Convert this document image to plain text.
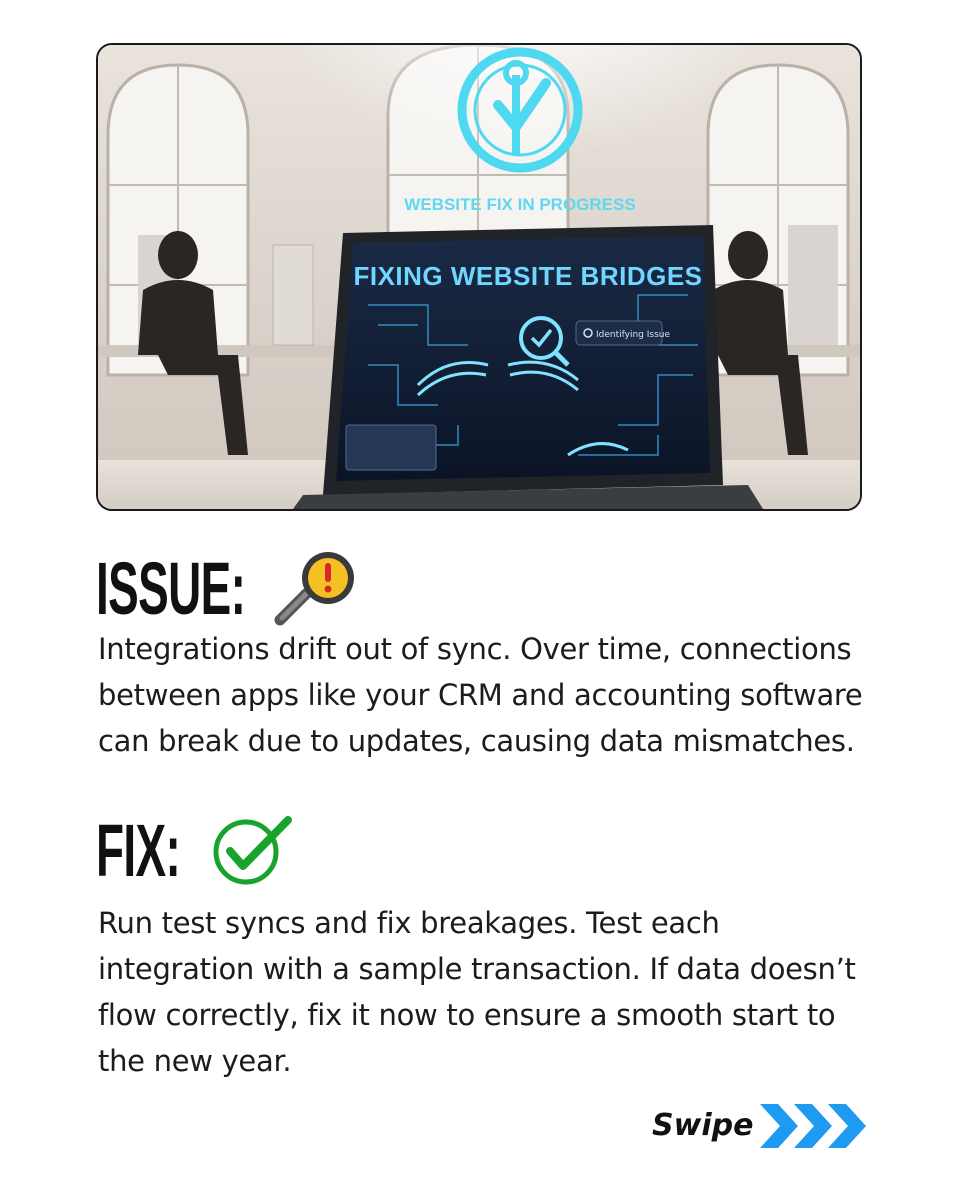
Identifying Issue
FIXING WEBSITE BRIDGES
WEBSITE FIX IN PROGRESS
ISSUE:

Integrations drift out of sync. Over time, connections between apps like your CRM and accounting software can break due to updates, causing data mismatches.

FIX:

Run test syncs and fix breakages. Test each integration with a sample transaction. If data doesn’t flow correctly, fix it now to ensure a smooth start to the new year.

Swipe
